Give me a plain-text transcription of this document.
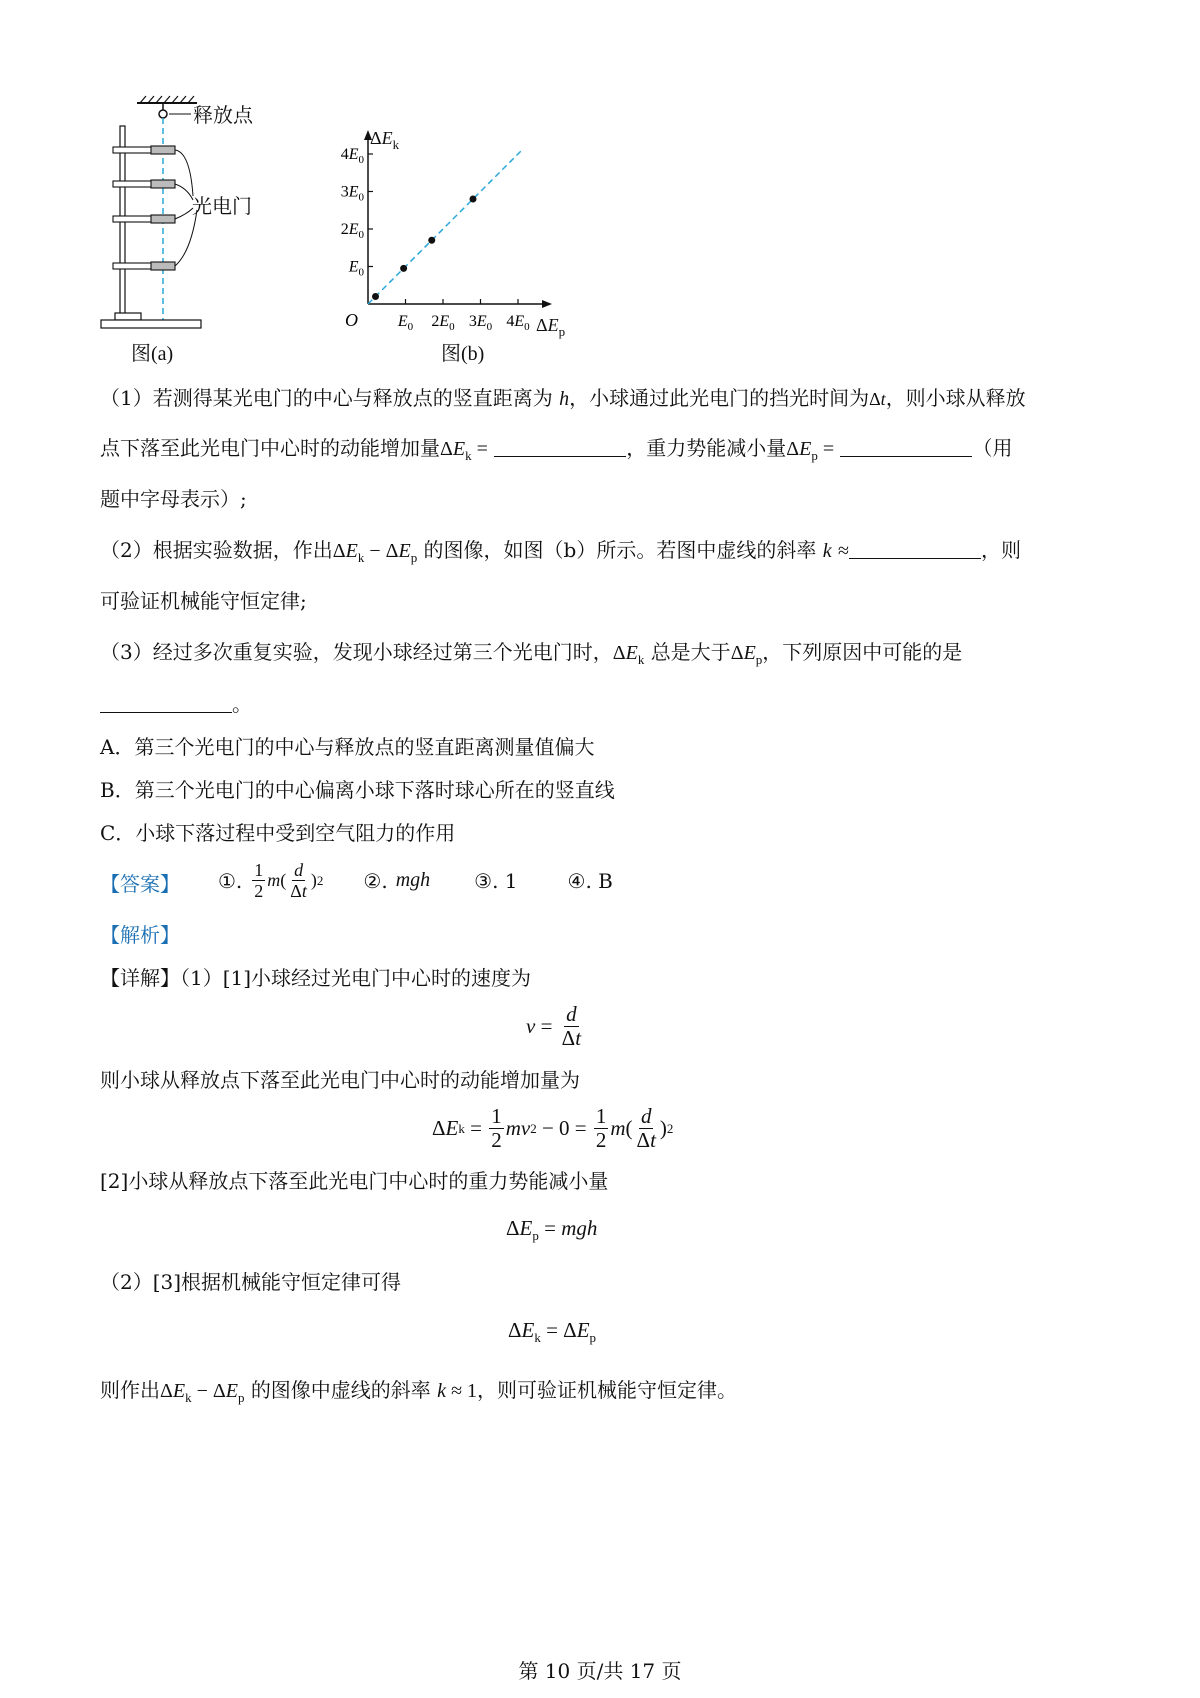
释放点
光电门
图(a)
$E_0$ $2E_0$ $3E_0$ $4E_0$
$E_0$
$2E_0$
$3E_0$
$4E_0$
O
$\Delta E_k$
$\Delta E_p$
图(b)
（1）若测得某光电门的中心与释放点的竖直距离为 h，小球通过此光电门的挡光时间为Δt，则小球从释放
点下落至此光电门中心时的动能增加量$\Delta E_k$ =	，重力势能减小量$\Delta E_p$ =	（用
题中字母表示）;
（2）根据实验数据，作出$\Delta E_k - \Delta E_p$ 的图像，如图（b）所示。若图中虚线的斜率 k ≈	，则
可验证机械能守恒定律;
（3）经过多次重复实验，发现小球经过第三个光电门时，$\Delta E_k$ 总是大于$\Delta E_p$，下列原因中可能的是
。
A．第三个光电门的中心与释放点的竖直距离测量值偏大
B．第三个光电门的中心偏离小球下落时球心所在的竖直线
C．小球下落过程中受到空气阻力的作用
【答案】 ①. $\frac{1}{2}$ m ( $\frac{d}{\Delta t}$ ) 2 ②. mgh ③. 1	④. B
【解析】
【详解】（1）[1]小球经过光电门中心时的速度为
$v = \frac{d}{\Delta t}$
则小球从释放点下落至此光电门中心时的动能增加量为
Δ E $k = \frac{1}{2}$ mv $2 - 0 = \frac{1}{2}$ m ( $\frac{d}{\Delta t}$ ) 2
[2]小球从释放点下落至此光电门中心时的重力势能减小量
$\Delta E_p$ = mgh
（2）[3]根据机械能守恒定律可得
$\Delta E_k = \Delta E_p$
则作出$\Delta E_k - \Delta E_p$ 的图像中虚线的斜率 k ≈ 1，则可验证机械能守恒定律。
第 10 页/共 17 页
